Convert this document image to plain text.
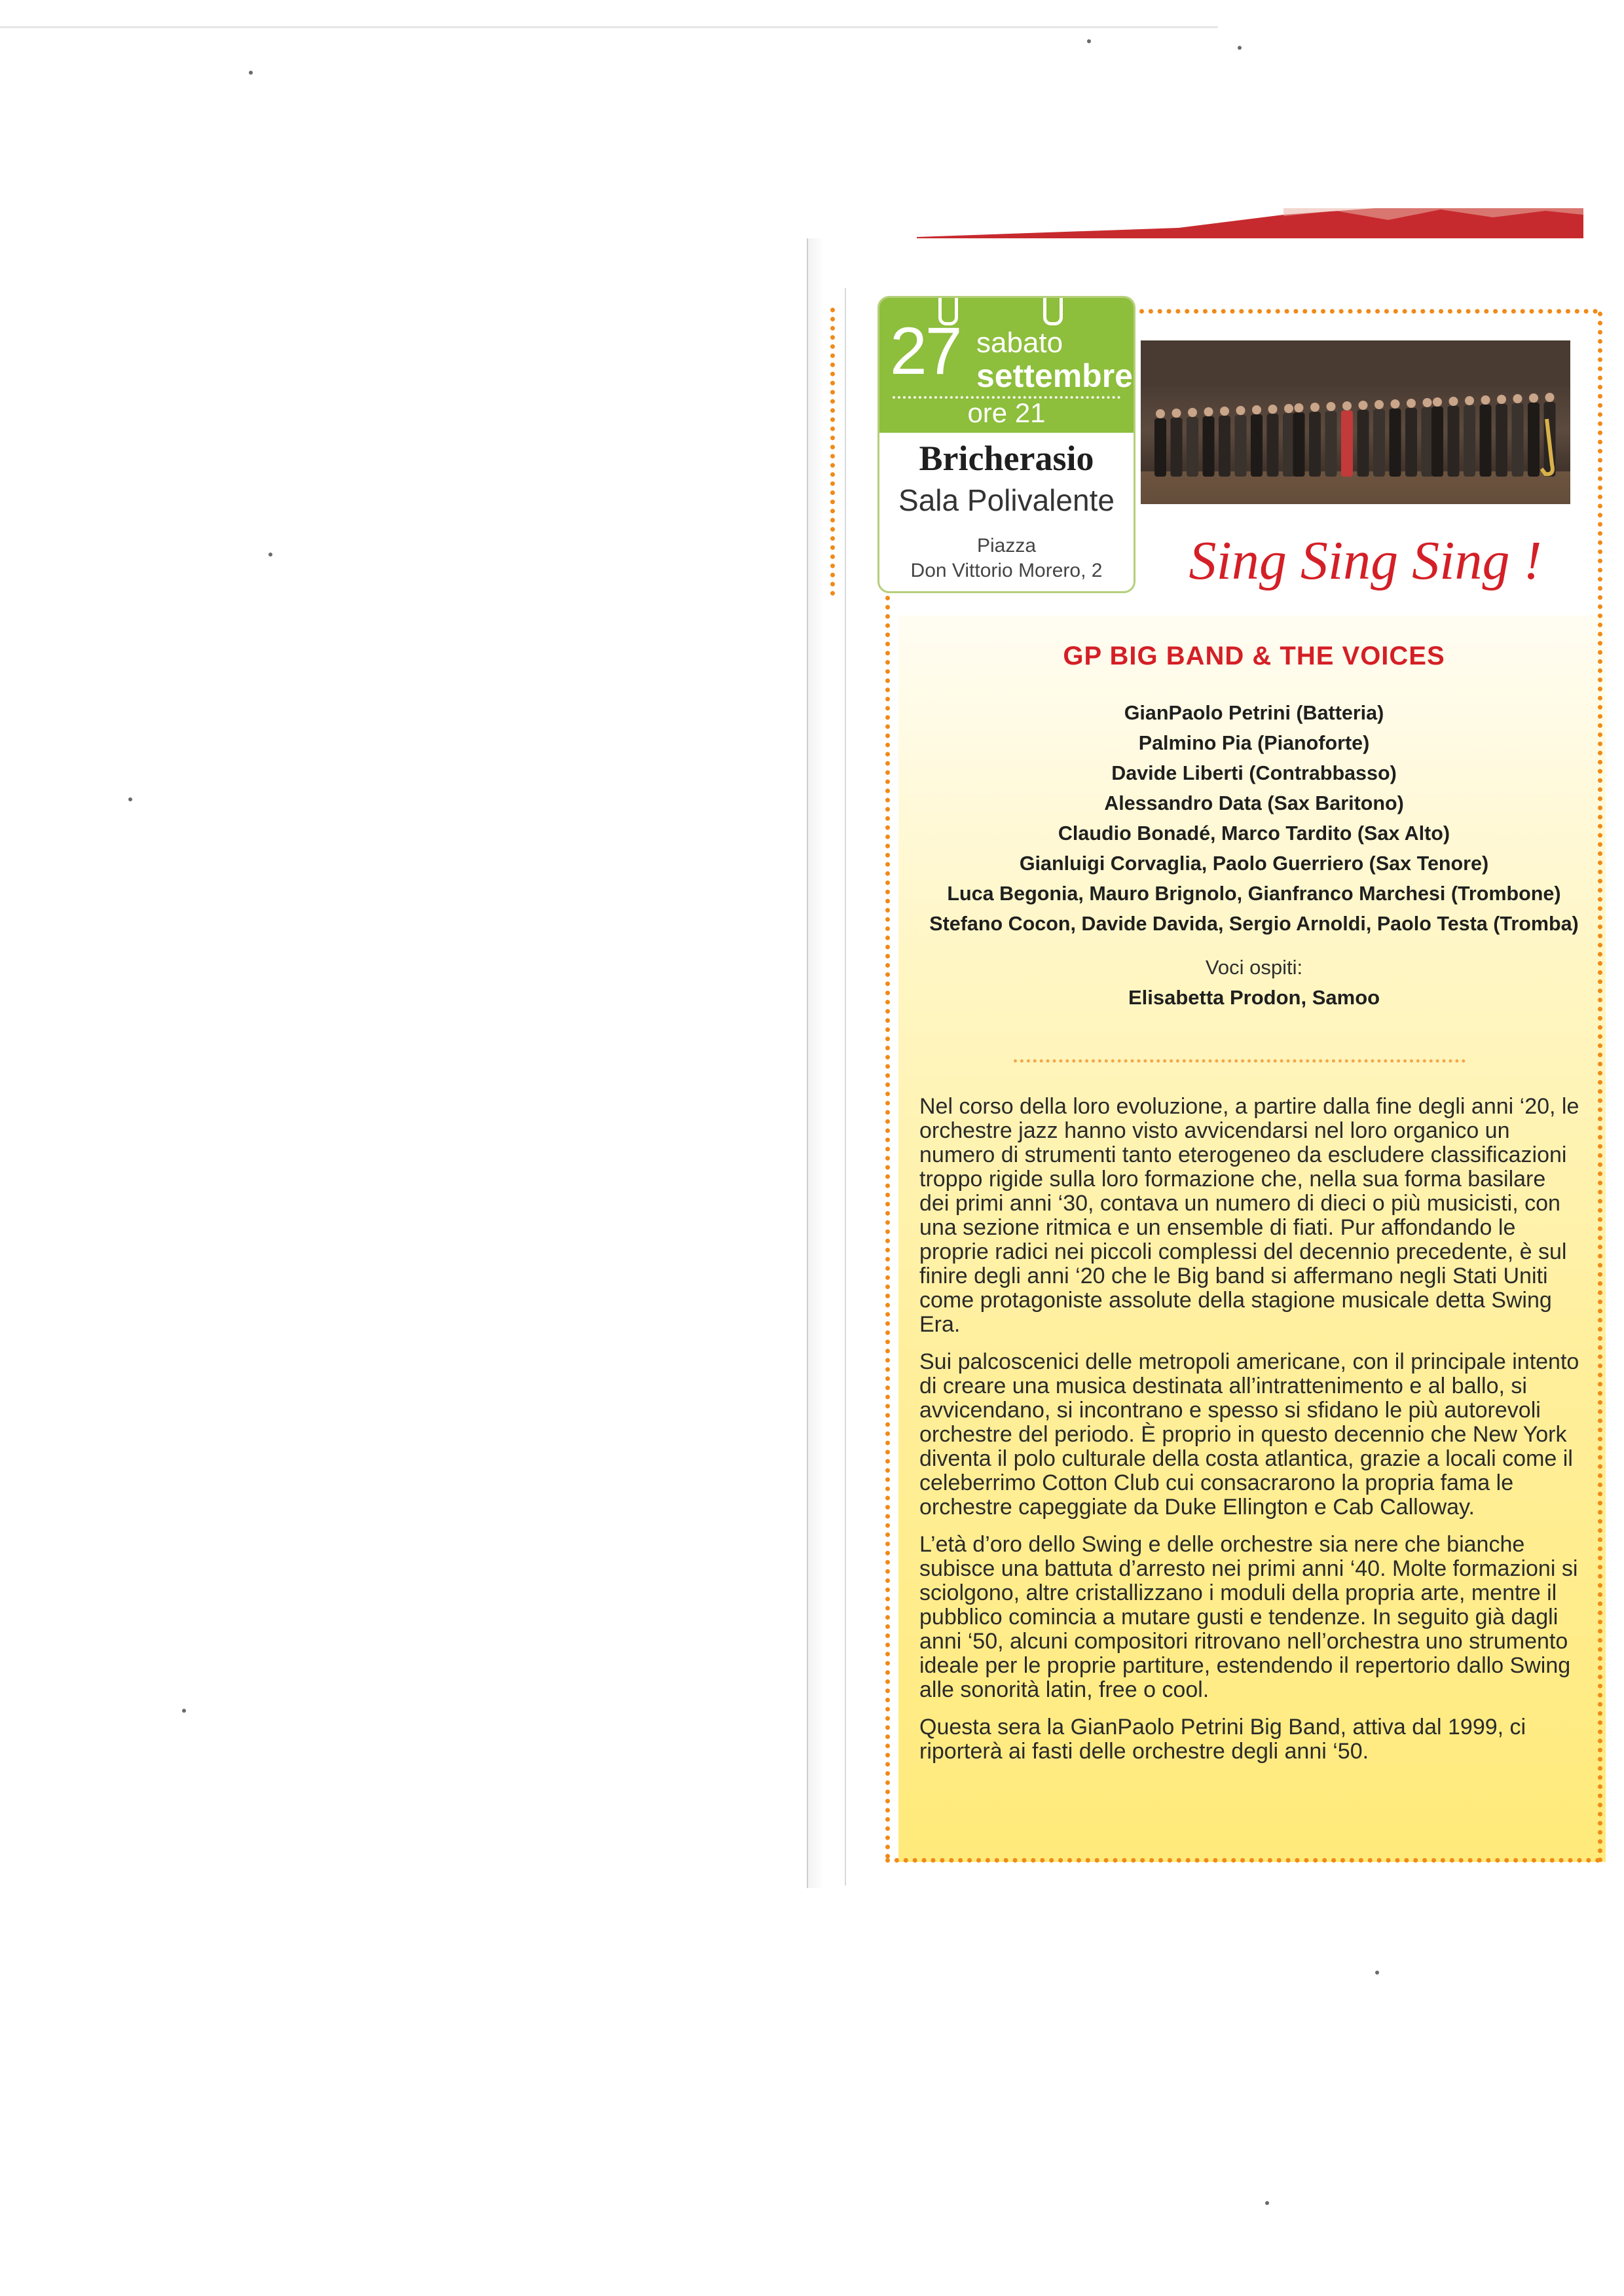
27 sabato
settembre
ore 21
Bricherasio
Sala Polivalente
Piazza
Don Vittorio Morero, 2	Sing Sing Sing !
GP BIG BAND & THE VOICES
GianPaolo Petrini (Batteria)
Palmino Pia (Pianoforte)
Davide Liberti (Contrabbasso)
Alessandro Data (Sax Baritono)
Claudio Bonadé, Marco Tardito (Sax Alto)
Gianluigi Corvaglia, Paolo Guerriero (Sax Tenore)
Luca Begonia, Mauro Brignolo, Gianfranco Marchesi (Trombone)
Stefano Cocon, Davide Davida, Sergio Arnoldi, Paolo Testa (Tromba)
Voci ospiti:
Elisabetta Prodon, Samoo

Nel corso della loro evoluzione, a partire dalla fine degli anni ‘20, le orchestre jazz hanno visto avvicendarsi nel loro organico un numero di strumenti tanto eterogeneo da escludere classificazioni troppo rigide sulla loro formazione che, nella sua forma basilare dei primi anni ‘30, contava un numero di dieci o più musicisti, con una sezione ritmica e un ensemble di fiati. Pur affondando le proprie radici nei piccoli complessi del decennio precedente, è sul finire degli anni ‘20 che le Big band si affermano negli Stati Uniti come protagoniste assolute della stagione musicale detta Swing Era.

Sui palcoscenici delle metropoli americane, con il principale intento di creare una musica destinata all’intrattenimento e al ballo, si avvicendano, si incontrano e spesso si sfidano le più autorevoli orchestre del periodo. È proprio in questo decennio che New York diventa il polo culturale della costa atlantica, grazie a locali come il celeberrimo Cotton Club cui consacrarono la propria fama le orchestre capeggiate da Duke Ellington e Cab Calloway.

L’età d’oro dello Swing e delle orchestre sia nere che bianche subisce una battuta d’arresto nei primi anni ‘40. Molte formazioni si sciolgono, altre cristallizzano i moduli della propria arte, mentre il pubblico comincia a mutare gusti e tendenze. In seguito già dagli anni ‘50, alcuni compositori ritrovano nell’orchestra uno strumento ideale per le proprie partiture, estendendo il repertorio dallo Swing alle sonorità latin, free o cool.

Questa sera la GianPaolo Petrini Big Band, attiva dal 1999, ci riporterà ai fasti delle orchestre degli anni ‘50.
